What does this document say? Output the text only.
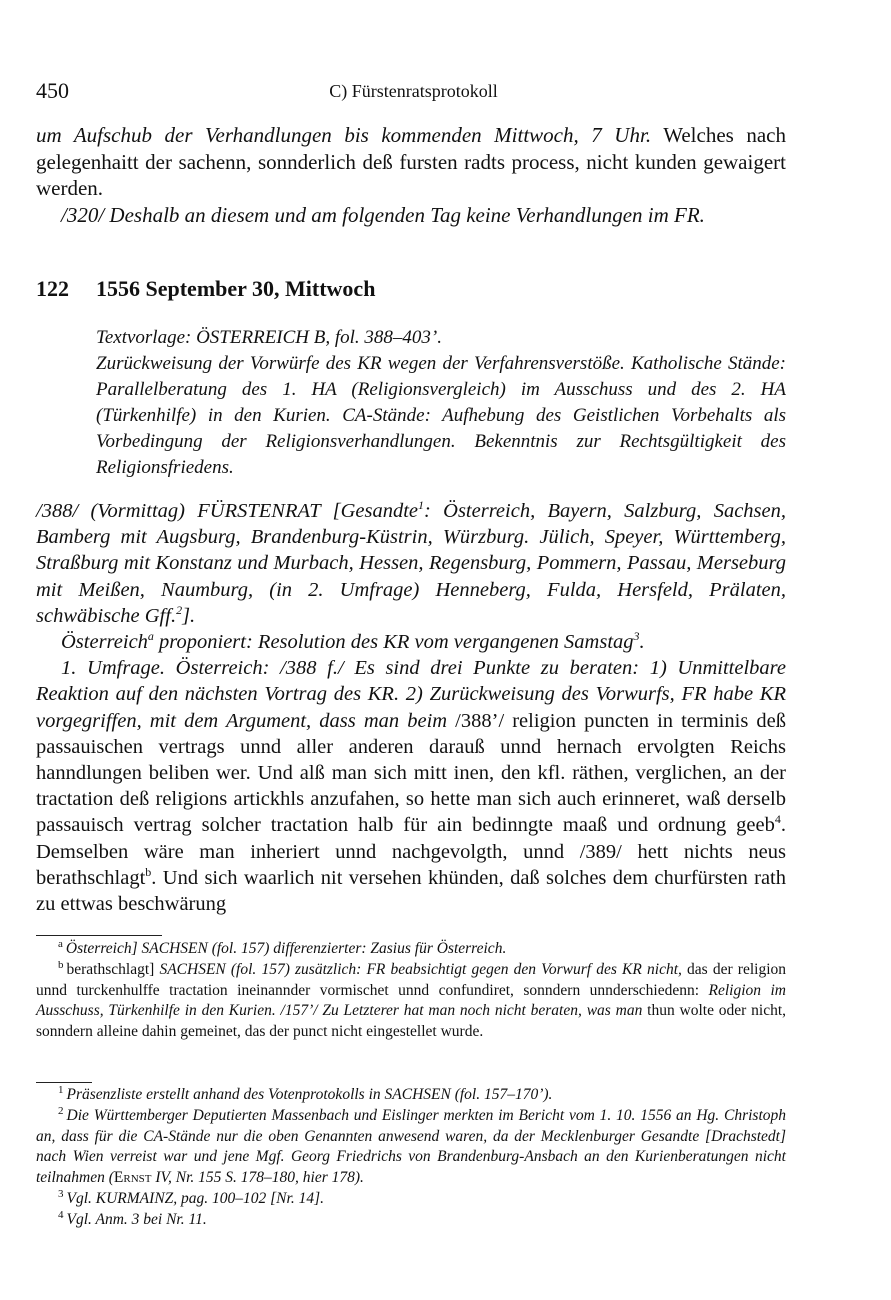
450	C) Fürstenratsprotokoll

um Aufschub der Verhandlungen bis kommenden Mittwoch, 7 Uhr. Welches nach gelegenhaitt der sachenn, sonnderlich deß fursten radts process, nicht kunden gewaigert werden.

/320/ Deshalb an diesem und am folgenden Tag keine Verhandlungen im FR.

122 1556 September 30, Mittwoch

Textvorlage: ÖSTERREICH B, fol. 388–403’.

Zurückweisung der Vorwürfe des KR wegen der Verfahrensverstöße. Katholische Stände: Parallelberatung des 1. HA (Religionsvergleich) im Ausschuss und des 2. HA (Türkenhilfe) in den Kurien. CA-Stände: Aufhebung des Geistlichen Vorbehalts als Vorbedingung der Religionsverhandlungen. Bekenntnis zur Rechtsgültigkeit des Religionsfriedens.

/388/ (Vormittag) FÜRSTENRAT [Gesandte$^1$: Österreich, Bayern, Salzburg, Sachsen, Bamberg mit Augsburg, Brandenburg-Küstrin, Würzburg. Jülich, Speyer, Württemberg, Straßburg mit Konstanz und Murbach, Hessen, Regensburg, Pommern, Passau, Merseburg mit Meißen, Naumburg, (in 2. Umfrage) Henneberg, Fulda, Hersfeld, Prälaten, schwäbische Gff.$^2$].

Österreich$^a$ proponiert: Resolution des KR vom vergangenen Samstag$^3$.

1. Umfrage. Österreich: /388 f./ Es sind drei Punkte zu beraten: 1) Unmittelbare Reaktion auf den nächsten Vortrag des KR. 2) Zurückweisung des Vorwurfs, FR habe KR vorgegriffen, mit dem Argument, dass man beim /388’/ religion puncten in terminis deß passauischen vertrags unnd aller anderen darauß unnd hernach ervolgten Reichs hanndlungen beliben wer. Und alß man sich mitt inen, den kfl. räthen, verglichen, an der tractation deß religions artickhls anzufahen, so hette man sich auch erinneret, waß derselb passauisch vertrag solcher tractation halb für ain bedinngte maaß und ordnung geeb$^4$. Demselben wäre man inheriert unnd nachgevolgth, unnd /389/ hett nichts neus berathschlagt$^b$. Und sich waarlich nit versehen khünden, daß solches dem churfürsten rath zu ettwas beschwärung

$^a$ Österreich] SACHSEN (fol. 157) differenzierter: Zasius für Österreich.

$^b$ berathschlagt] SACHSEN (fol. 157) zusätzlich: FR beabsichtigt gegen den Vorwurf des KR nicht, das der religion unnd turckenhulffe tractation ineinannder vormischet unnd confundiret, sonndern unnderschiedenn: Religion im Ausschuss, Türkenhilfe in den Kurien. /157’/ Zu Letzterer hat man noch nicht beraten, was man thun wolte oder nicht, sonndern alleine dahin gemeinet, das der punct nicht eingestellet wurde.

$^1$ Präsenzliste erstellt anhand des Votenprotokolls in SACHSEN (fol. 157–170’).

$^2$ Die Württemberger Deputierten Massenbach und Eislinger merkten im Bericht vom 1. 10. 1556 an Hg. Christoph an, dass für die CA-Stände nur die oben Genannten anwesend waren, da der Mecklenburger Gesandte [Drachstedt] nach Wien verreist war und jene Mgf. Georg Friedrichs von Brandenburg-Ansbach an den Kurienberatungen nicht teilnahmen (Ernst IV, Nr. 155 S. 178–180, hier 178).

$^3$ Vgl. KURMAINZ, pag. 100–102 [Nr. 14].

$^4$ Vgl. Anm. 3 bei Nr. 11.
